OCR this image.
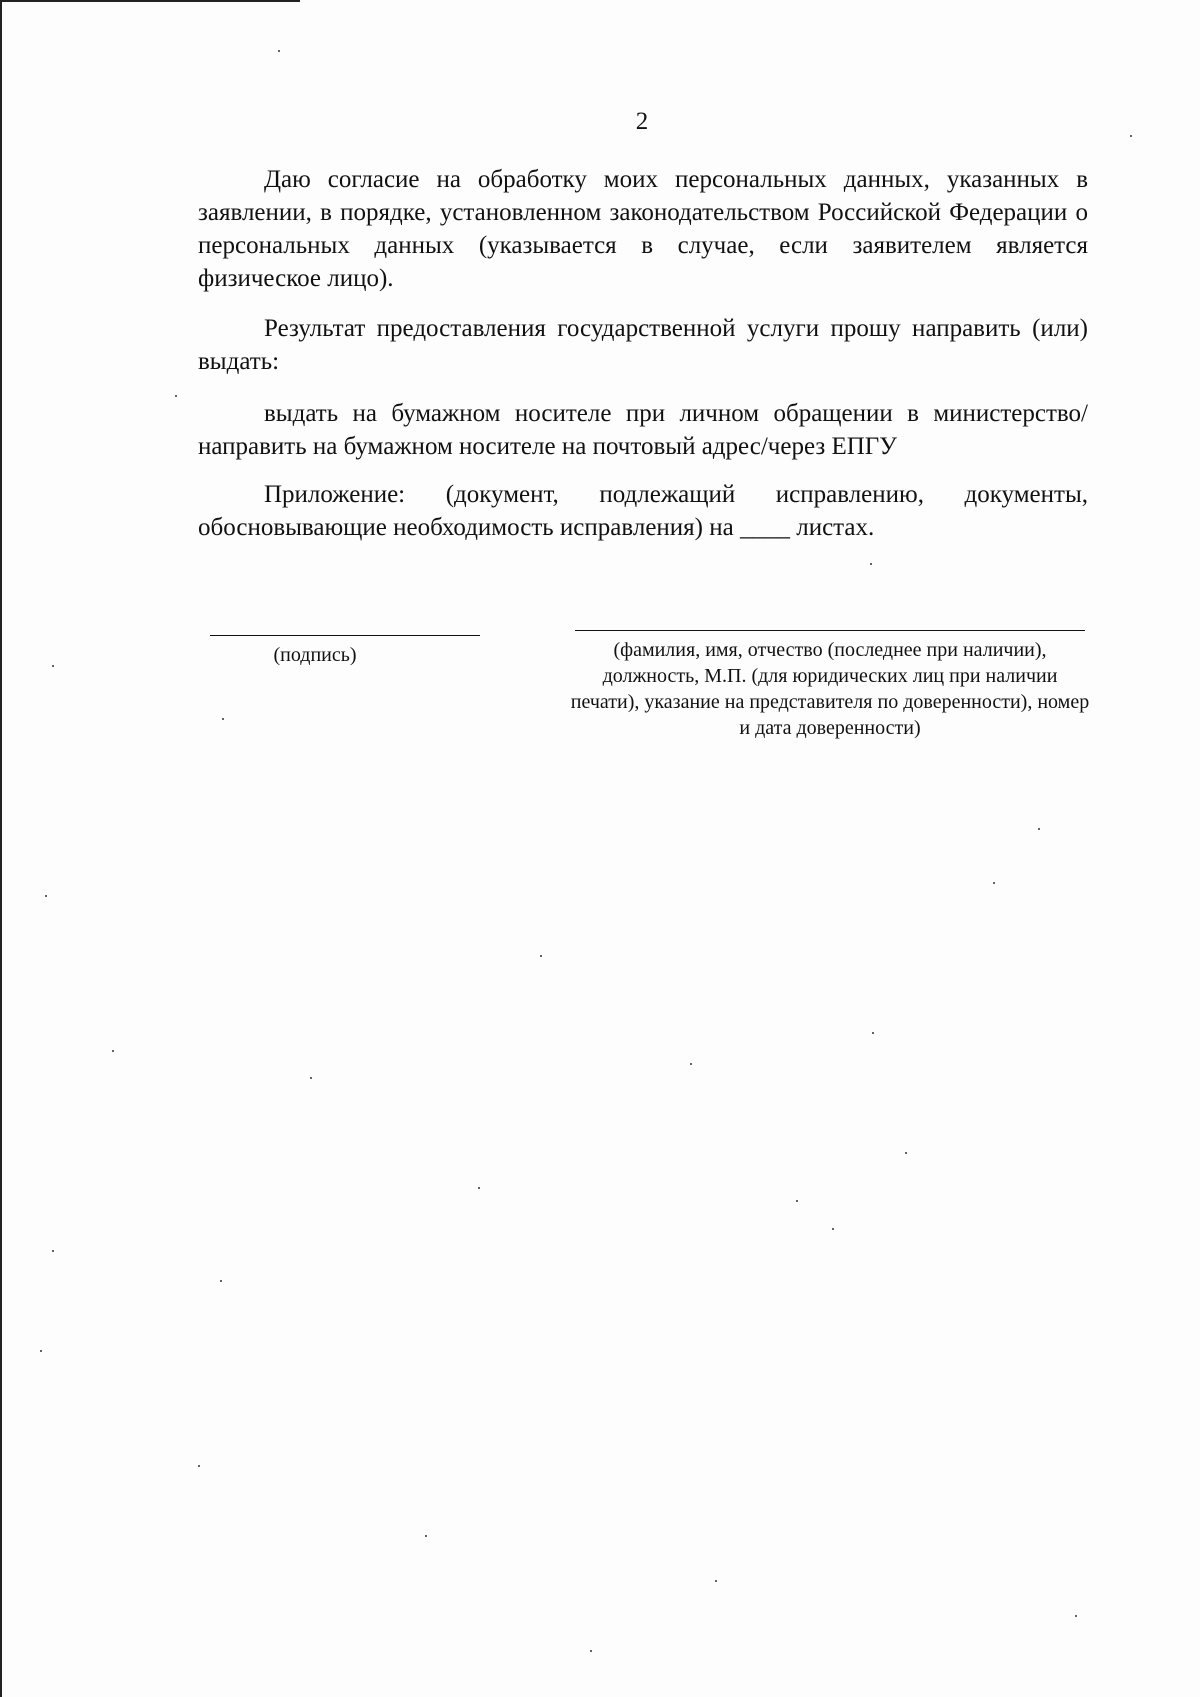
2

Даю согласие на обработку моих персональных данных, указанных в заявлении, в порядке, установленном законодательством Российской Федерации о персональных данных (указывается в случае, если заявителем является физическое лицо).

Результат предоставления государственной услуги прошу направить (или) выдать:

выдать на бумажном носителе при личном обращении в министерство/ направить на бумажном носителе на почтовый адрес/через ЕПГУ

Приложение: (документ, подлежащий исправлению, документы, обосновывающие необходимость исправления) на ____ листах.

(подпись)	(фамилия, имя, отчество (последнее при наличии), должность, М.П. (для юридических лиц при наличии печати), указание на представителя по доверенности), номер и дата доверенности)
